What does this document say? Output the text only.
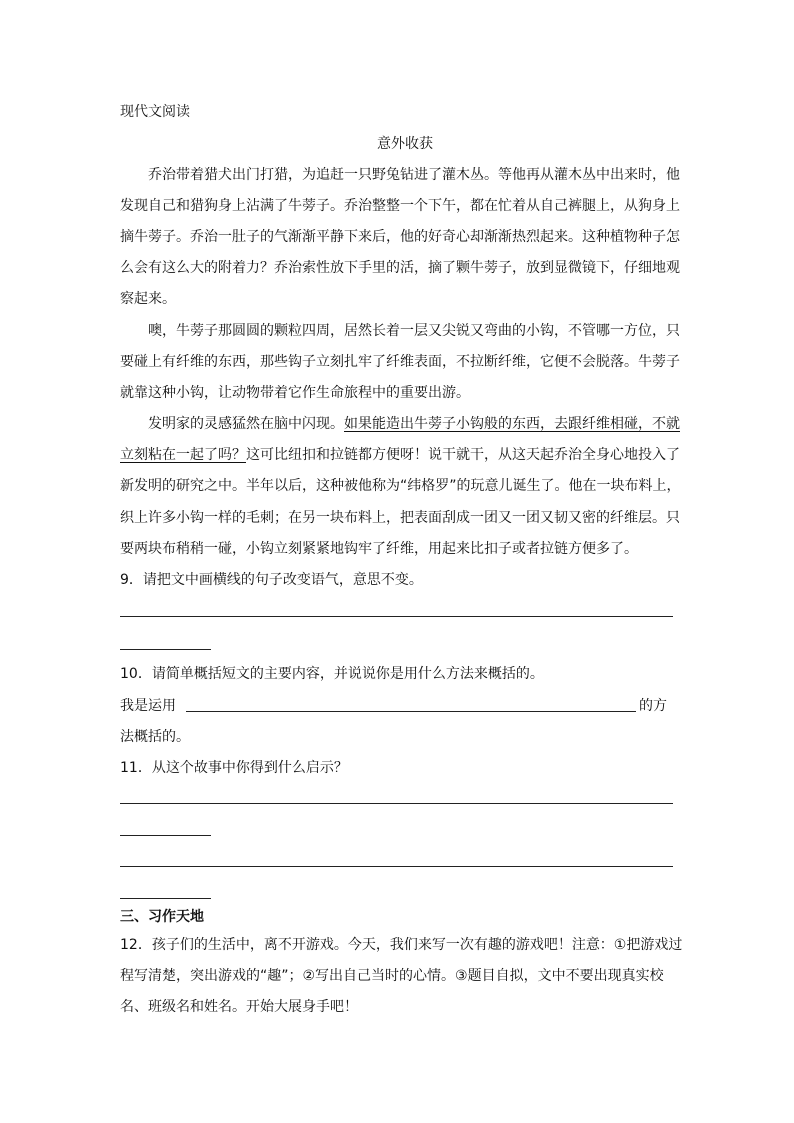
现代文阅读
意外收获
乔治带着猎犬出门打猎，为追赶一只野兔钻进了灌木丛。等他再从灌木丛中出来时，他
发现自己和猎狗身上沾满了牛蒡子。乔治整整一个下午，都在忙着从自己裤腿上，从狗身上
摘牛蒡子。乔治一肚子的气渐渐平静下来后，他的好奇心却渐渐热烈起来。这种植物种子怎
么会有这么大的附着力？乔治索性放下手里的活，摘了颗牛蒡子，放到显微镜下，仔细地观
察起来。
噢，牛蒡子那圆圆的颗粒四周，居然长着一层又尖锐又弯曲的小钩，不管哪一方位，只
要碰上有纤维的东西，那些钩子立刻扎牢了纤维表面，不拉断纤维，它便不会脱落。牛蒡子
就靠这种小钩，让动物带着它作生命旅程中的重要出游。
发明家的灵感猛然在脑中闪现。如果能造出牛蒡子小钩般的东西，去跟纤维相碰，不就
立刻粘在一起了吗？这可比纽扣和拉链都方便呀！说干就干，从这天起乔治全身心地投入了
新发明的研究之中。半年以后，这种被他称为“纬格罗”的玩意儿诞生了。他在一块布料上，
织上许多小钩一样的毛刺；在另一块布料上，把表面刮成一团又一团又韧又密的纤维层。只
要两块布稍稍一碰，小钩立刻紧紧地钩牢了纤维，用起来比扣子或者拉链方便多了。
9．请把文中画横线的句子改变语气，意思不变。
10．请简单概括短文的主要内容，并说说你是用什么方法来概括的。
我是运用	的方
法概括的。
11．从这个故事中你得到什么启示？
三、习作天地
12．孩子们的生活中，离不开游戏。今天，我们来写一次有趣的游戏吧！注意：①把游戏过
程写清楚，突出游戏的“趣”；②写出自己当时的心情。③题目自拟，文中不要出现真实校
名、班级名和姓名。开始大展身手吧！
